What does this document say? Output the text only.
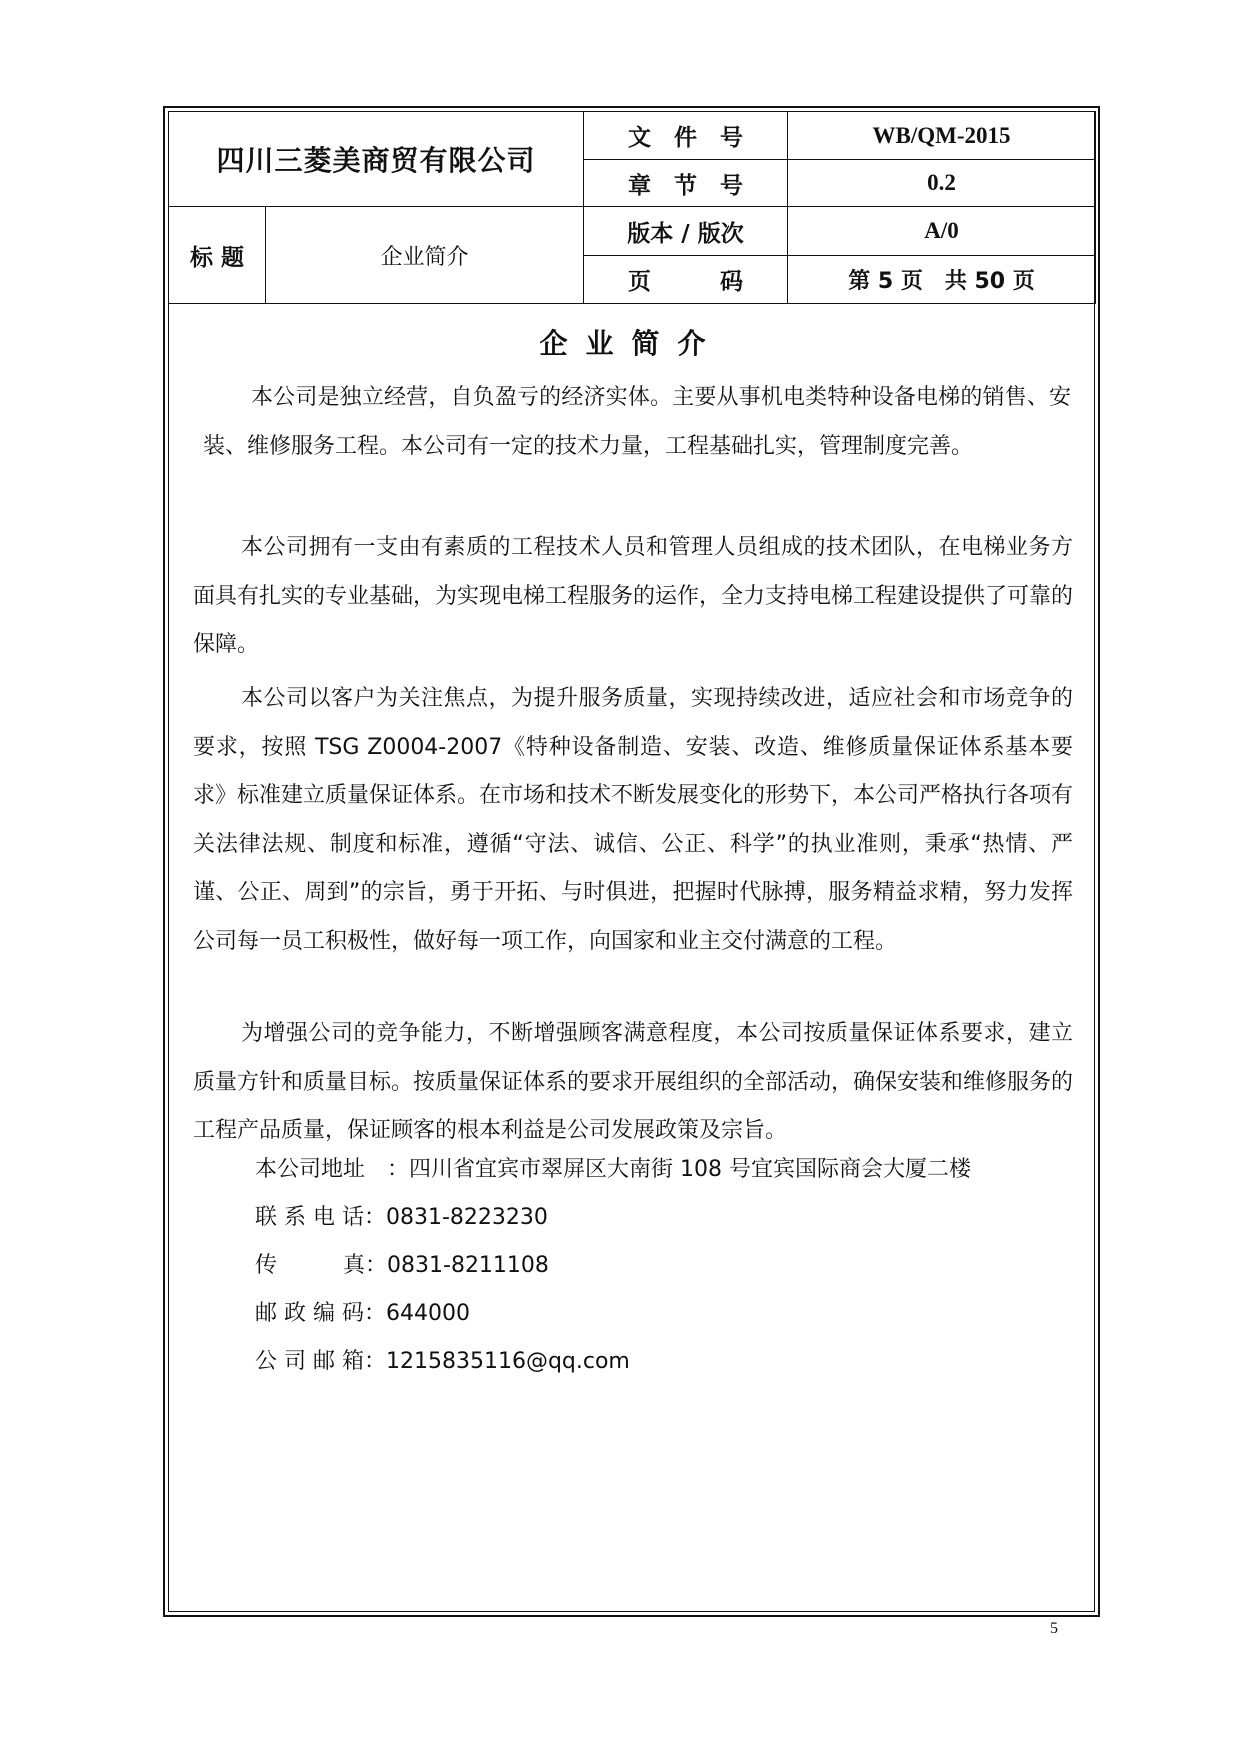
四川三菱美商贸有限公司		文　件　号	WB/QM-2015
		章　节　号	0.2
标 题	企业简介	版本 / 版次	A/0
		页　　　码	第 5 页　共 50 页
企业简介

本公司是独立经营，自负盈亏的经济实体。主要从事机电类特种设备电梯的销售、安装、维修服务工程。本公司有一定的技术力量，工程基础扎实，管理制度完善。

本公司拥有一支由有素质的工程技术人员和管理人员组成的技术团队，在电梯业务方面具有扎实的专业基础，为实现电梯工程服务的运作，全力支持电梯工程建设提供了可靠的保障。

本公司以客户为关注焦点，为提升服务质量，实现持续改进，适应社会和市场竞争的要求，按照 TSG Z0004-2007《特种设备制造、安装、改造、维修质量保证体系基本要求》标准建立质量保证体系。在市场和技术不断发展变化的形势下，本公司严格执行各项有关法律法规、制度和标准，遵循“守法、诚信、公正、科学”的执业准则，秉承“热情、严谨、公正、周到”的宗旨，勇于开拓、与时俱进，把握时代脉搏，服务精益求精，努力发挥公司每一员工积极性，做好每一项工作，向国家和业主交付满意的工程。

为增强公司的竞争能力，不断增强顾客满意程度，本公司按质量保证体系要求，建立质量方针和质量目标。按质量保证体系的要求开展组织的全部活动，确保安装和维修服务的工程产品质量，保证顾客的根本利益是公司发展政策及宗旨。

本公司地址　：四川省宜宾市翠屏区大南街 108 号宜宾国际商会大厦二楼
联 系 电 话：0831-8223230
传　　　真：0831-8211108
邮 政 编 码：644000
公 司 邮 箱：1215835116@qq.com
5
